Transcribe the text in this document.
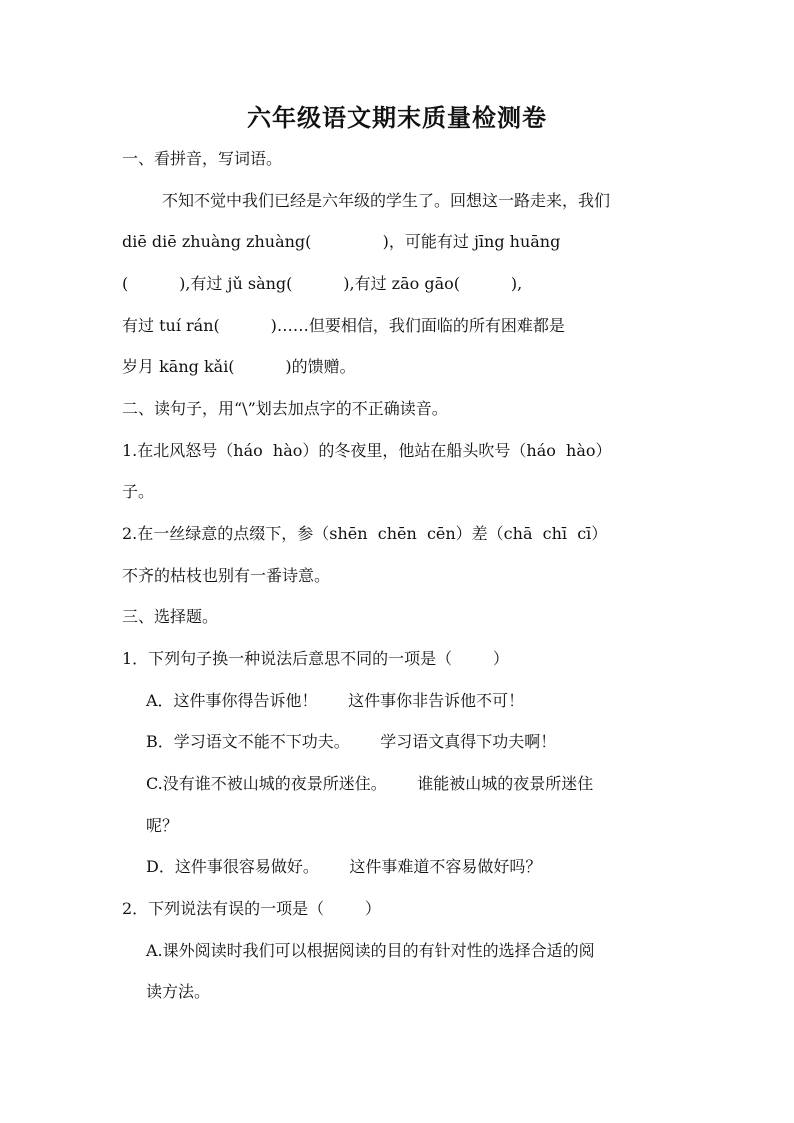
六年级语文期末质量检测卷
一、看拼音，写词语。
不知不觉中我们已经是六年级的学生了。回想这一路走来，我们
diē diē zhuàng zhuàng(              )，可能有过 jīng huāng
(          ),有过 jǔ sàng(          ),有过 zāo gāo(          ),
有过 tuí rán(          )……但要相信，我们面临的所有困难都是
岁月 kāng kǎi(          )的馈赠。
二、读句子，用“\”划去加点字的不正确读音。
1.在北风怒号（háo  hào）的冬夜里，他站在船头吹号（háo  hào）
子。
2.在一丝绿意的点缀下，参（shēn  chēn  cēn）差（chā  chī  cī）
不齐的枯枝也别有一番诗意。
三、选择题。
1．下列句子换一种说法后意思不同的一项是（        ）
A．这件事你得告诉他！      这件事你非告诉他不可！
B．学习语文不能不下功夫。      学习语文真得下功夫啊！
C.没有谁不被山城的夜景所迷住。      谁能被山城的夜景所迷住
呢？
D．这件事很容易做好。      这件事难道不容易做好吗？
2．下列说法有误的一项是（        ）
A.课外阅读时我们可以根据阅读的目的有针对性的选择合适的阅
读方法。
